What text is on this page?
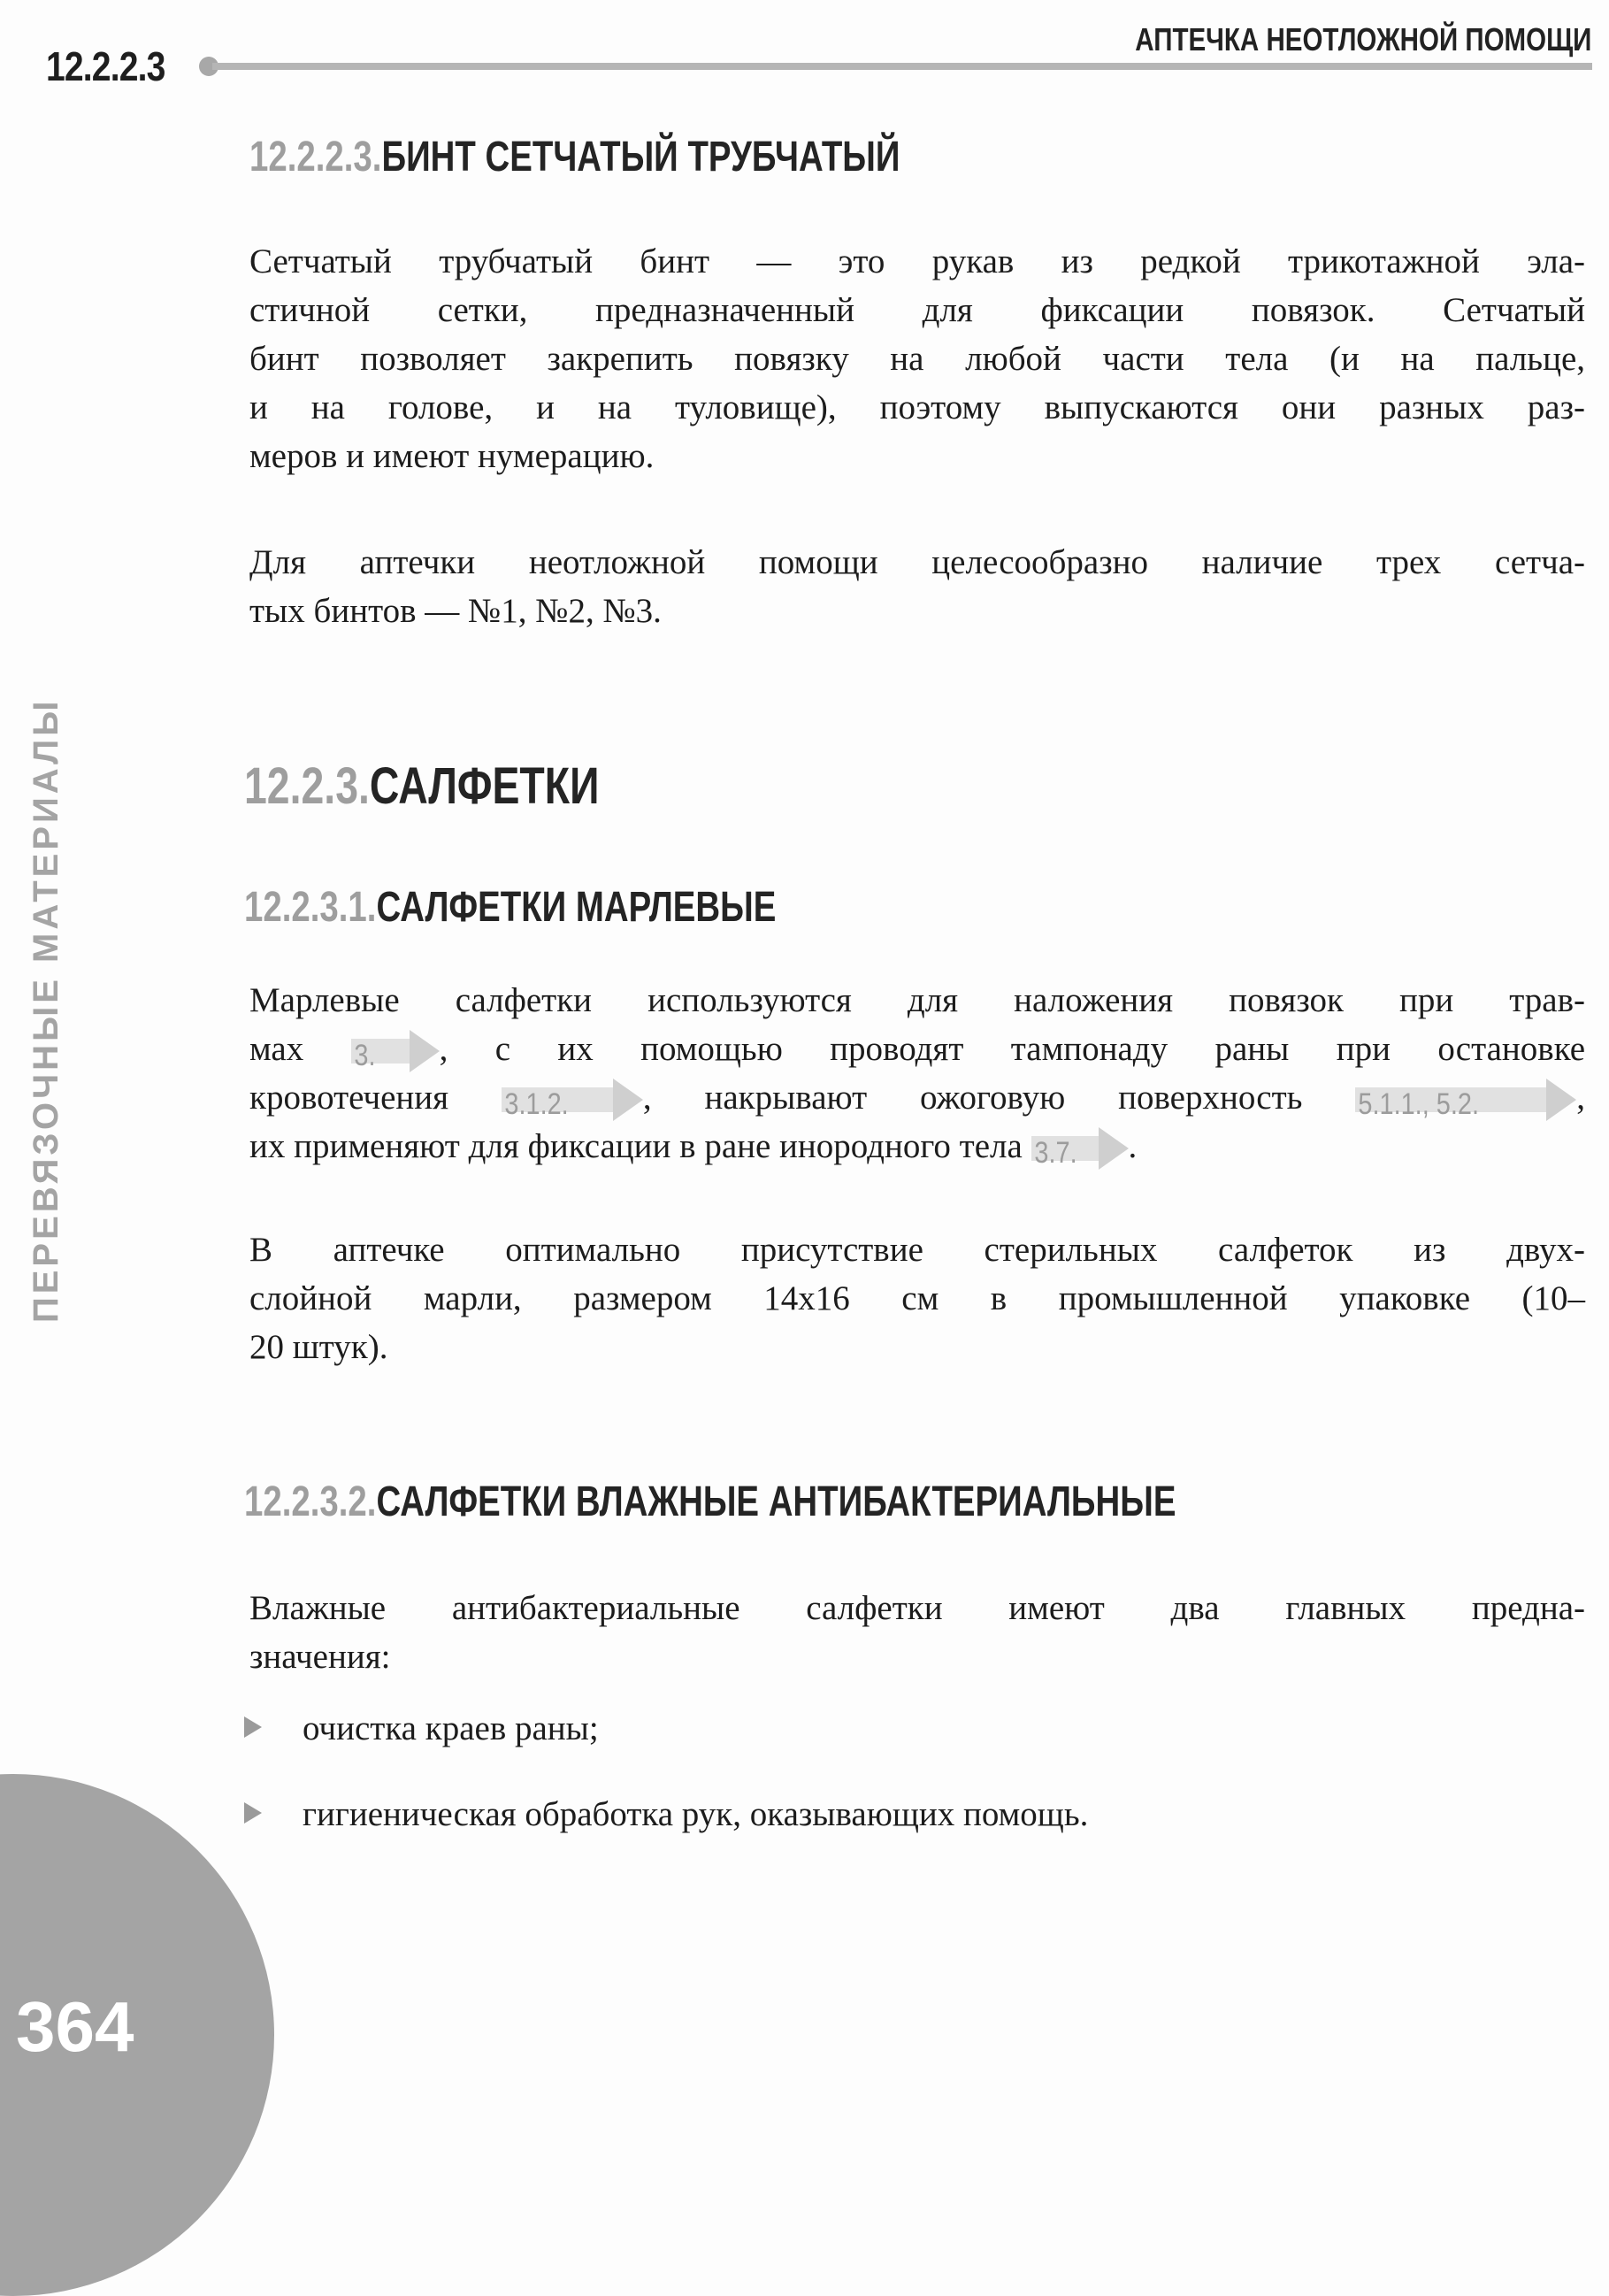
12.2.2.3
АПТЕЧКА НЕОТЛОЖНОЙ ПОМОЩИ
ПЕРЕВЯЗОЧНЫЕ МАТЕРИАЛЫ
364
12.2.2.3.БИНТ СЕТЧАТЫЙ ТРУБЧАТЫЙ

Сетчатый трубчатый бинт — это рукав из редкой трикотажной эла-
стичной сетки, предназначенный для фиксации повязок. Сетчатый
бинт позволяет закрепить повязку на любой части тела (и на пальце,
и на голове, и на туловище), поэтому выпускаются они разных раз-
меров и имеют нумерацию.

Для аптечки неотложной помощи целесообразно наличие трех сетча-
тых бинтов — №1, №2, №3.

12.2.3.САЛФЕТКИ
12.2.3.1.САЛФЕТКИ МАРЛЕВЫЕ

Марлевые салфетки используются для наложения повязок при трав-
мах 3. , с их помощью проводят тампонаду раны при остановке
кровотечения 3.1.2. , накрывают ожоговую поверхность 5.1.1., 5.2.	,
их применяют для фиксации в ране инородного тела 3.7. .

В аптечке оптимально присутствие стерильных салфеток из двух-
слойной марли, размером 14х16 см в промышленной упаковке (10–
20 штук).

12.2.3.2.САЛФЕТКИ ВЛАЖНЫЕ АНТИБАКТЕРИАЛЬНЫЕ

Влажные антибактериальные салфетки имеют два главных предна-
значения:

очистка краев раны;
гигиеническая обработка рук, оказывающих помощь.
